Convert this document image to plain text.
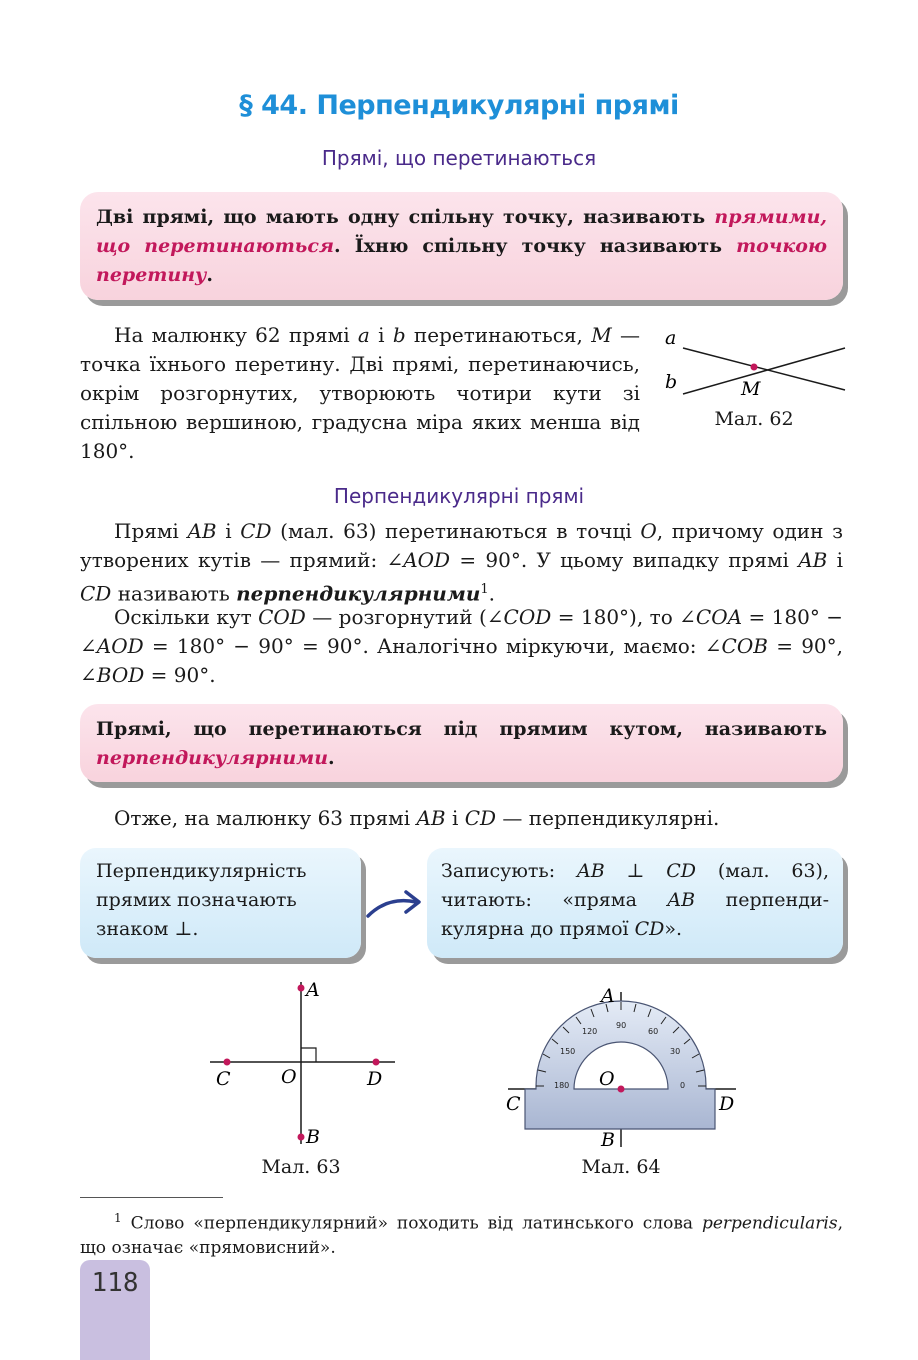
§ 44. Перпендикулярні прямі
Прямі, що перетинаються
Дві прямі, що мають одну спільну точку, називають прямими, що перетинаються. Їхню спільну точку називають точкою перетину.
На малюнку 62 прямі a і b перетинаються, M — точка їхнього перетину. Дві прямі, перетинаючись, окрім розгорнутих, утворюють чотири кути зі спільною вершиною, градусна міра яких менша від 180°.
a
b	M
Мал. 62
Перпендикулярні прямі
Прямі AB і CD (мал. 63) перетинаються в точці O, причому один з утворених кутів — прямий: ∠AOD = 90°. У цьому випадку прямі AB і CD називають перпендикулярними$^1$.
Оскільки кут COD — розгорнутий (∠COD = 180°), то ∠COA = 180° − ∠AOD = 180° − 90° = 90°. Аналогічно міркуючи, маємо: ∠COB = 90°, ∠BOD = 90°.
Прямі, що перетинаються під прямим кутом, називають перпендикулярними.
Отже, на малюнку 63 прямі AB і CD — перпендикулярні.
Перпендикулярність прямих позначають знаком ⊥.
Записують: AB ⊥ CD (мал. 63), читають: «пряма AB перпендикулярна до прямої CD».
A
B
C	D
O
Мал. 63
180
150
120
90
60
30
0
A
B
C	D
O
Мал. 64
$^1$ Слово «перпендикулярний» походить від латинського слова perpendicularis, що означає «прямовисний».
118
